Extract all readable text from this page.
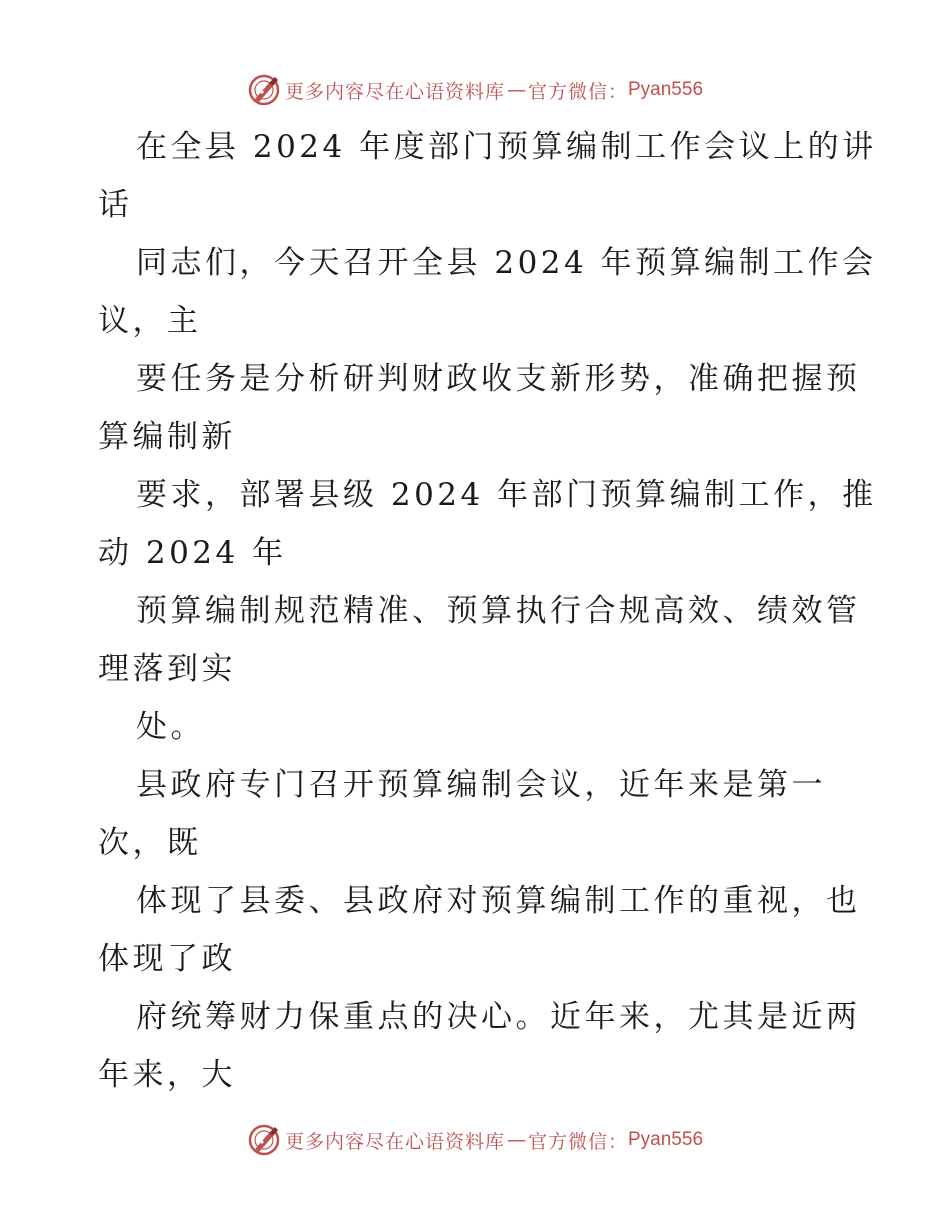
更多内容尽在心语资料库 — 官方微信： Pyan556
在全县 2024 年度部门预算编制工作会议上的讲
话
同志们，今天召开全县 2024 年预算编制工作会
议，主
要任务是分析研判财政收支新形势，准确把握预
算编制新
要求，部署县级 2024 年部门预算编制工作，推
动 2024 年
预算编制规范精准、预算执行合规高效、绩效管
理落到实
处。
县政府专门召开预算编制会议，近年来是第一
次，既
体现了县委、县政府对预算编制工作的重视，也
体现了政
府统筹财力保重点的决心。近年来，尤其是近两
年来，大
更多内容尽在心语资料库 — 官方微信： Pyan556
